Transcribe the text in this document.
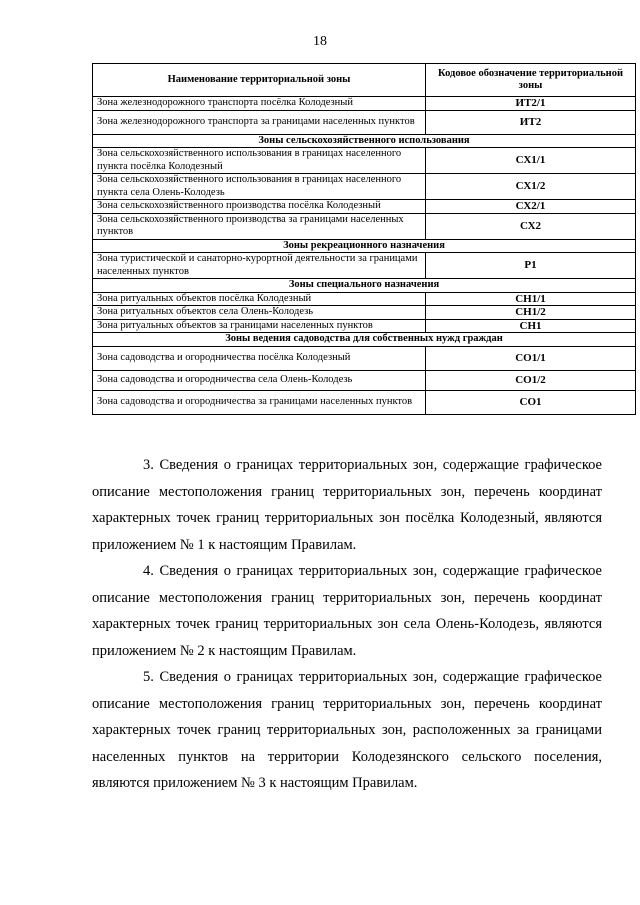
18
Наименование территориальной зоны	Кодовое обозначение территориальной зоны
Зона железнодорожного транспорта посёлка Колодезный	ИТ2/1
Зона железнодорожного транспорта за границами населенных пунктов	ИТ2
Зоны сельскохозяйственного использования	
Зона сельскохозяйственного использования в границах населенного пункта посёлка Колодезный	СХ1/1
Зона сельскохозяйственного использования в границах населенного пункта села Олень-Колодезь	СХ1/2
Зона сельскохозяйственного производства посёлка Колодезный	СХ2/1
Зона сельскохозяйственного производства за границами населенных пунктов	СХ2
Зоны рекреационного назначения	
Зона туристической и санаторно-курортной деятельности за границами населенных пунктов	Р1
Зоны специального назначения	
Зона ритуальных объектов посёлка Колодезный	СН1/1
Зона ритуальных объектов села Олень-Колодезь	СН1/2
Зона ритуальных объектов за границами населенных пунктов	СН1
Зоны ведения садоводства для собственных нужд граждан	
Зона садоводства и огородничества посёлка Колодезный	СО1/1
Зона садоводства и огородничества села Олень-Колодезь	СО1/2
Зона садоводства и огородничества за границами населенных пунктов	СО1

3. Сведения о границах территориальных зон, содержащие графическое описание местоположения границ территориальных зон, перечень координат характерных точек границ территориальных зон посёлка Колодезный, являются приложением № 1 к настоящим Правилам.

4. Сведения о границах территориальных зон, содержащие графическое описание местоположения границ территориальных зон, перечень координат характерных точек границ территориальных зон села Олень-Колодезь, являются приложением № 2 к настоящим Правилам.

5. Сведения о границах территориальных зон, содержащие графическое описание местоположения границ территориальных зон, перечень координат характерных точек границ территориальных зон, расположенных за границами населенных пунктов на территории Колодезянского сельского поселения, являются приложением № 3 к настоящим Правилам.
